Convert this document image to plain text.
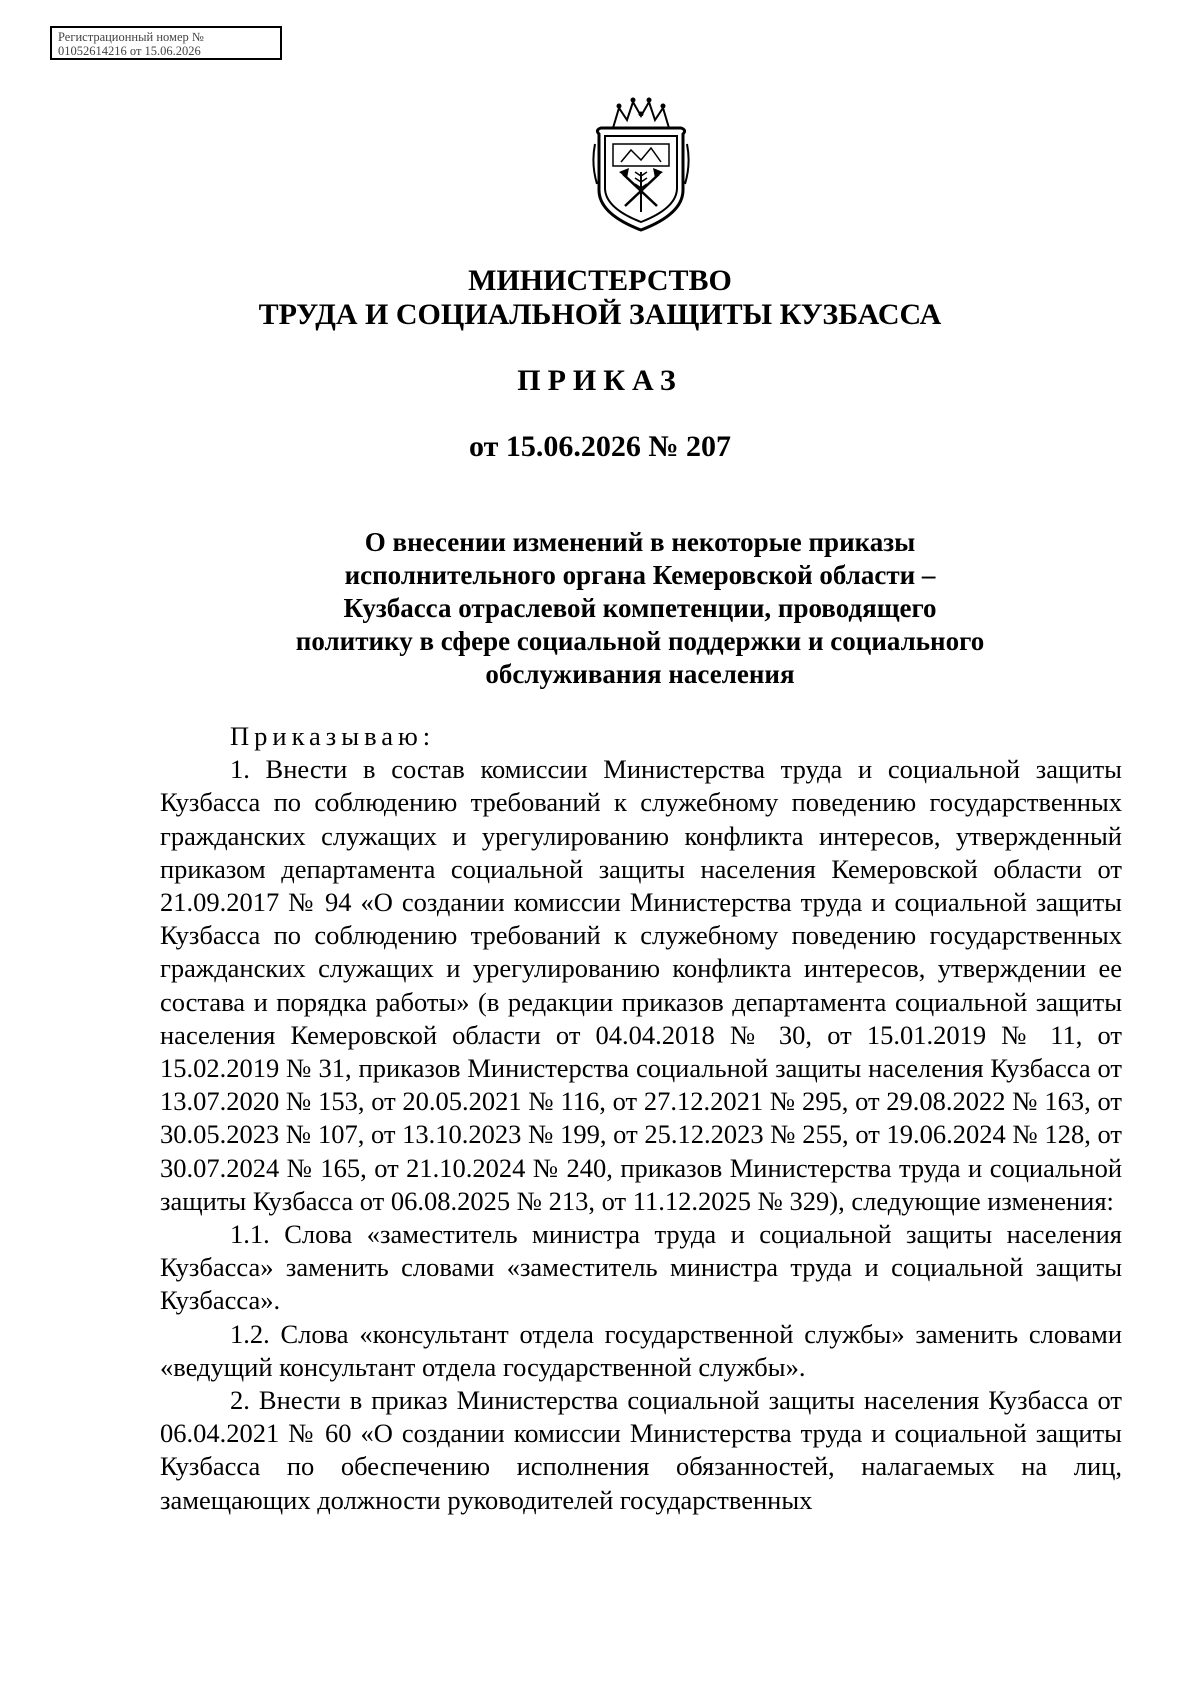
Регистрационный номер №
01052614216 от 15.06.2026
МИНИСТЕРСТВО
ТРУДА И СОЦИАЛЬНОЙ ЗАЩИТЫ КУЗБАССА
ПРИКАЗ
от 15.06.2026 № 207
О внесении изменений в некоторые приказы
исполнительного органа Кемеровской области –
Кузбасса отраслевой компетенции, проводящего
политику в сфере социальной поддержки и социального
обслуживания населения

Приказываю:

1. Внести в состав комиссии Министерства труда и социальной защиты Кузбасса по соблюдению требований к служебному поведению государственных гражданских служащих и урегулированию конфликта интересов, утвержденный приказом департамента социальной защиты населения Кемеровской области от 21.09.2017 № 94 «О создании комиссии Министерства труда и социальной защиты Кузбасса по соблюдению требований к служебному поведению государственных гражданских служащих и урегулированию конфликта интересов, утверждении ее состава и порядка работы» (в редакции приказов департамента социальной защиты населения Кемеровской области от 04.04.2018 № 30, от 15.01.2019 № 11, от 15.02.2019 № 31, приказов Министерства социальной защиты населения Кузбасса от 13.07.2020 № 153, от 20.05.2021 № 116, от 27.12.2021 № 295, от 29.08.2022 № 163, от 30.05.2023 № 107, от 13.10.2023 № 199, от 25.12.2023 № 255, от 19.06.2024 № 128, от 30.07.2024 № 165, от 21.10.2024 № 240, приказов Министерства труда и социальной защиты Кузбасса от 06.08.2025 № 213, от 11.12.2025 № 329), следующие изменения:

1.1. Слова «заместитель министра труда и социальной защиты населения Кузбасса» заменить словами «заместитель министра труда и социальной защиты Кузбасса».

1.2. Слова «консультант отдела государственной службы» заменить словами «ведущий консультант отдела государственной службы».

2. Внести в приказ Министерства социальной защиты населения Кузбасса от 06.04.2021 № 60 «О создании комиссии Министерства труда и социальной защиты Кузбасса по обеспечению исполнения обязанностей, налагаемых на лиц, замещающих должности руководителей государственных
